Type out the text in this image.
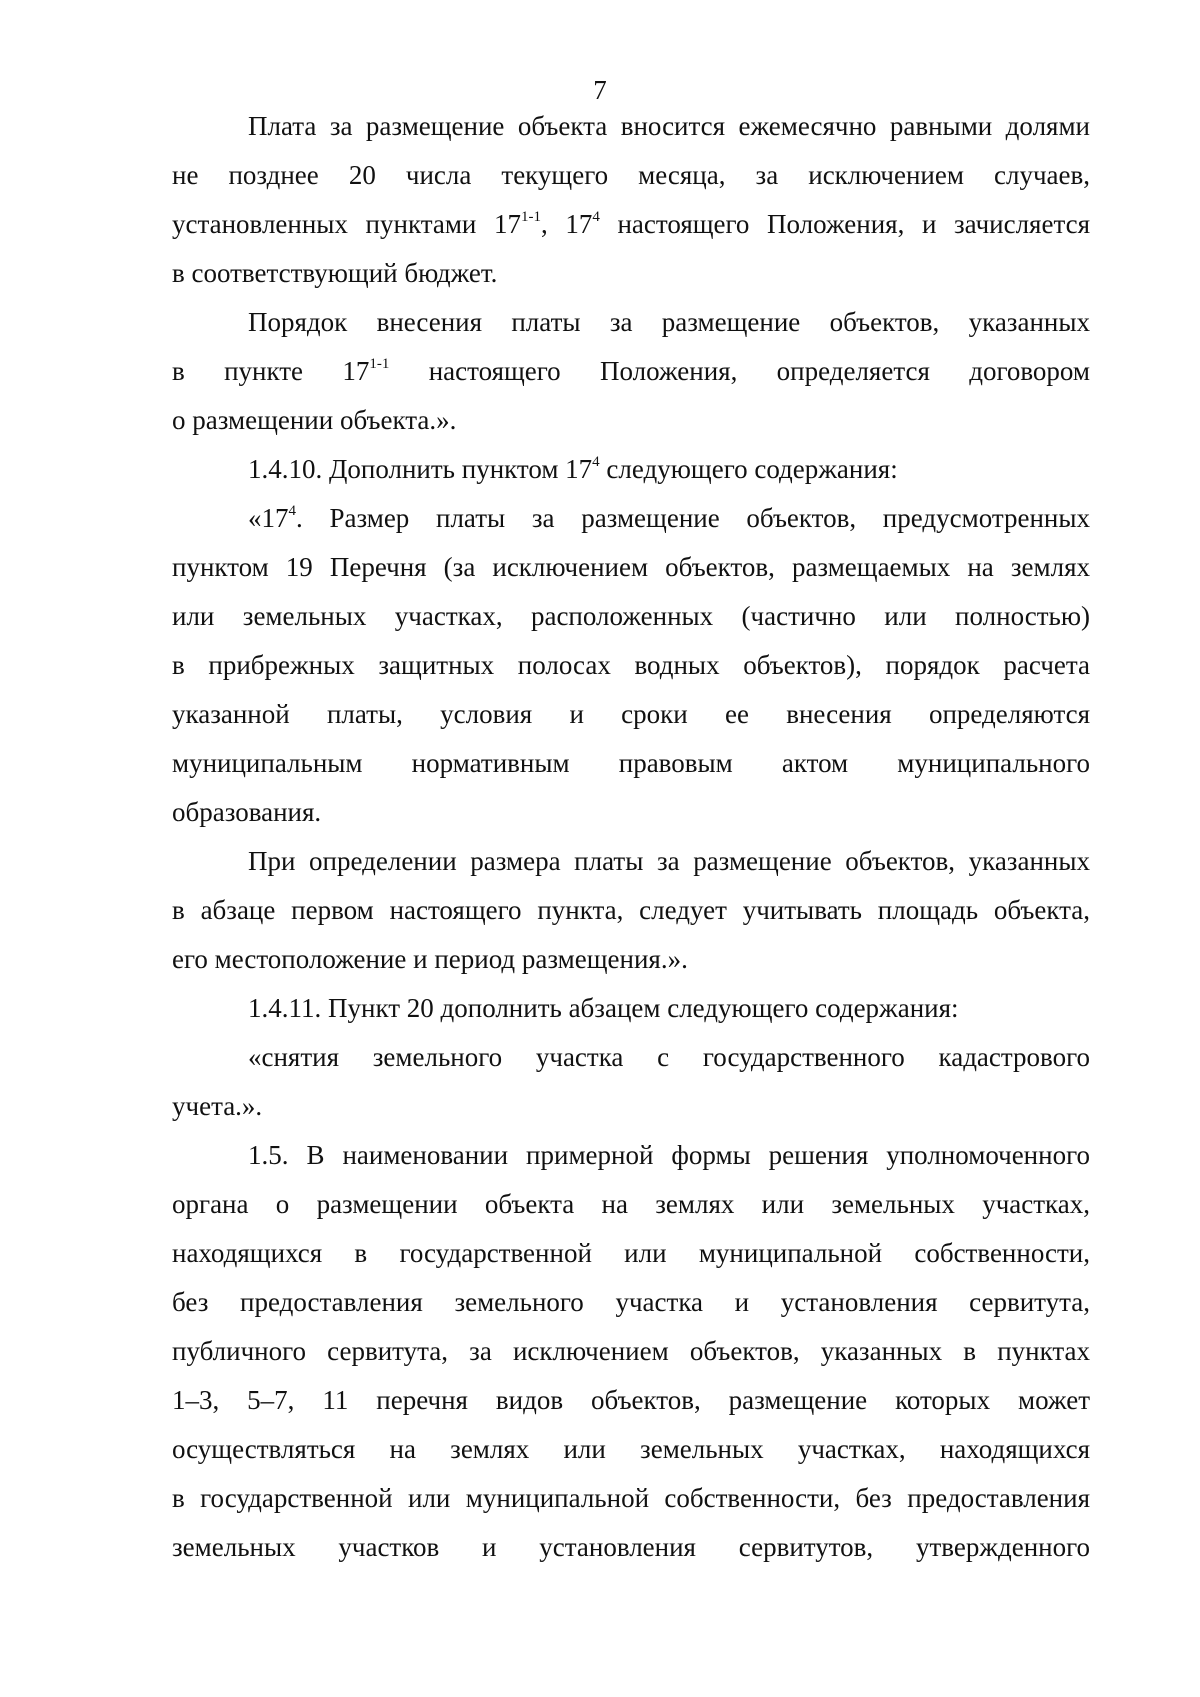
7
Плата за размещение объекта вносится ежемесячно равными долями
не позднее 20 числа текущего месяца, за исключением случаев,
установленных пунктами 17$^{1-1}$, $17^4$ настоящего Положения, и зачисляется
в соответствующий бюджет.
Порядок внесения платы за размещение объектов, указанных
в пункте 17$^{1-1}$ настоящего Положения, определяется договором
о размещении объекта.».
1.4.10. Дополнить пунктом $17^4$ следующего содержания:
«$17^4$. Размер платы за размещение объектов, предусмотренных
пунктом 19 Перечня (за исключением объектов, размещаемых на землях
или земельных участках, расположенных (частично или полностью)
в прибрежных защитных полосах водных объектов), порядок расчета
указанной платы, условия и сроки ее внесения определяются
муниципальным нормативным правовым актом муниципального
образования.
При определении размера платы за размещение объектов, указанных
в абзаце первом настоящего пункта, следует учитывать площадь объекта,
его местоположение и период размещения.».
1.4.11. Пункт 20 дополнить абзацем следующего содержания:
«снятия земельного участка с государственного кадастрового
учета.».
1.5. В наименовании примерной формы решения уполномоченного
органа о размещении объекта на землях или земельных участках,
находящихся в государственной или муниципальной собственности,
без предоставления земельного участка и установления сервитута,
публичного сервитута, за исключением объектов, указанных в пунктах
1–3, 5–7, 11 перечня видов объектов, размещение которых может
осуществляться на землях или земельных участках, находящихся
в государственной или муниципальной собственности, без предоставления
земельных участков и установления сервитутов, утвержденного
